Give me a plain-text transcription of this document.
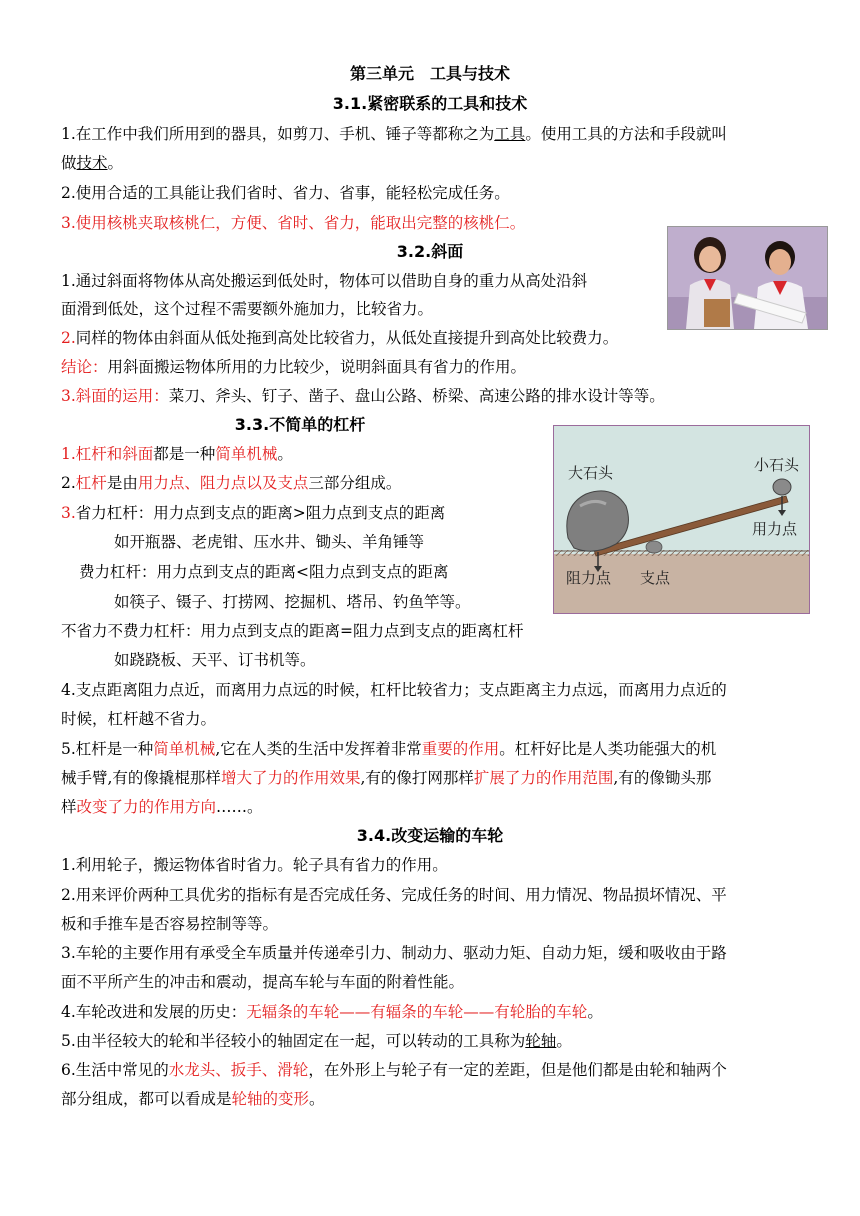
第三单元　工具与技术
3.1.紧密联系的工具和技术
1.在工作中我们所用到的器具，如剪刀、手机、锤子等都称之为工具。使用工具的方法和手段就叫
做技术。
2.使用合适的工具能让我们省时、省力、省事，能轻松完成任务。
3.使用核桃夹取核桃仁，方便、省时、省力，能取出完整的核桃仁。
3.2.斜面
1.通过斜面将物体从高处搬运到低处时，物体可以借助自身的重力从高处沿斜
面滑到低处，这个过程不需要额外施加力，比较省力。
2.同样的物体由斜面从低处拖到高处比较省力，从低处直接提升到高处比较费力。
结论：用斜面搬运物体所用的力比较少，说明斜面具有省力的作用。
3.斜面的运用：菜刀、斧头、钉子、凿子、盘山公路、桥梁、高速公路的排水设计等等。
3.3.不简单的杠杆
1.杠杆和斜面都是一种简单机械。
2.杠杆是由用力点、阻力点以及支点三部分组成。
3.省力杠杆：用力点到支点的距离>阻力点到支点的距离
如开瓶器、老虎钳、压水井、锄头、羊角锤等
费力杠杆：用力点到支点的距离<阻力点到支点的距离
如筷子、镊子、打捞网、挖掘机、塔吊、钓鱼竿等。
不省力不费力杠杆：用力点到支点的距离=阻力点到支点的距离杠杆
如跷跷板、天平、订书机等。
4.支点距离阻力点近，而离用力点远的时候，杠杆比较省力；支点距离主力点远，而离用力点近的
时候，杠杆越不省力。
5.杠杆是一种简单机械,它在人类的生活中发挥着非常重要的作用。杠杆好比是人类功能强大的机
械手臂,有的像撬棍那样增大了力的作用效果,有的像打网那样扩展了力的作用范围,有的像锄头那
样改变了力的作用方向……。
大石头	小石头
用力点
阻力点 支点
3.4.改变运输的车轮
1.利用轮子，搬运物体省时省力。轮子具有省力的作用。
2.用来评价两种工具优劣的指标有是否完成任务、完成任务的时间、用力情况、物品损坏情况、平
板和手推车是否容易控制等等。
3.车轮的主要作用有承受全车质量并传递牵引力、制动力、驱动力矩、自动力矩，缓和吸收由于路
面不平所产生的冲击和震动，提高车轮与车面的附着性能。
4.车轮改进和发展的历史：无辐条的车轮——有辐条的车轮——有轮胎的车轮。
5.由半径较大的轮和半径较小的轴固定在一起，可以转动的工具称为轮轴。
6.生活中常见的水龙头、扳手、滑轮，在外形上与轮子有一定的差距，但是他们都是由轮和轴两个
部分组成，都可以看成是轮轴的变形。
